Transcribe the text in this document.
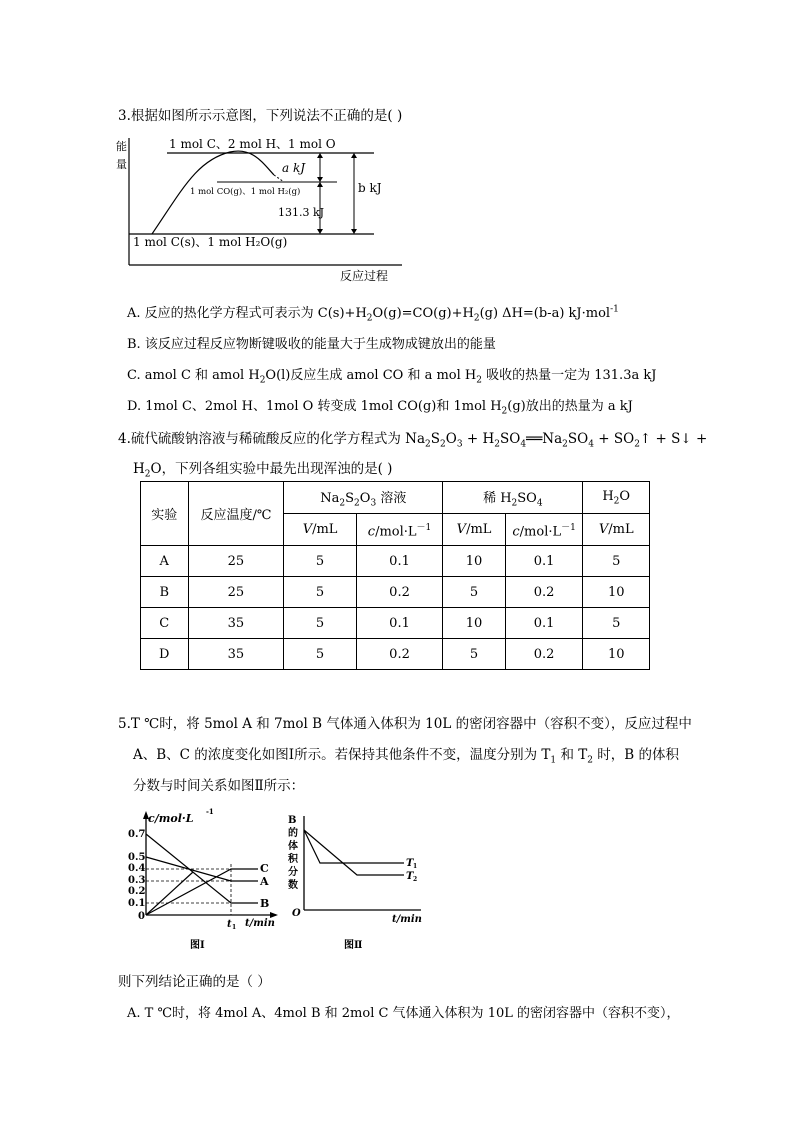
3.根据如图所示示意图，下列说法不正确的是( )
能
量
反应过程
1 mol C、2 mol H、1 mol O
1 mol CO(g)、1 mol H₂(g)
1 mol C(s)、1 mol H₂O(g)
a kJ
b kJ
131.3 kJ
A. 反应的热化学方程式可表示为 $C(s)+H_2O(g)=CO(g)+H_2(g)$ ΔH=(b-a) kJ·mol$^{-1}$
B. 该反应过程反应物断键吸收的能量大于生成物成键放出的能量
C. amol C 和 amol $H_2O(l)$反应生成 amol CO 和 a mol $H_2$ 吸收的热量一定为 131.3a kJ
D. 1mol C、2mol H、1mol O 转变成 1mol CO(g)和 1mol $H_2(g)$放出的热量为 a kJ
4.硫代硫酸钠溶液与稀硫酸反应的化学方程式为 $Na_2S_2O_3$ + $H_2SO_4══Na_2SO_4$ + $SO_2↑$ + S↓ +
$H_2O$，下列各组实验中最先出现浑浊的是( )
实验	反应温度/℃	$Na_2S_2O_3$ 溶液		稀 $H_2SO_4$		$H_2O$
		V/mL	$c/mol\cdot L^{-1}$	V/mL	$c/mol\cdot L^{-1}$	V/mL
A	25	5	0.1	10	0.1	5
B	25	5	0.2	5	0.2	10
C	35	5	0.1	10	0.1	5
D	35	5	0.2	5	0.2	10
5.T ℃时，将 5mol A 和 7mol B 气体通入体积为 10L 的密闭容器中（容积不变），反应过程中
A、B、C 的浓度变化如图Ⅰ所示。若保持其他条件不变，温度分别为 $T_1$ 和 $T_2$ 时，B 的体积
分数与时间关系如图Ⅱ所示：
c/mol·L
-1
0.7
0.5
0.4
0.3
0.2
0.1
0
C
A
B
t 1 t/min
图Ⅰ
B
的
体
积
分
数
O
T 1
T 2
t/min
图Ⅱ
则下列结论正确的是（ ）
A. T ℃时，将 4mol A、4mol B 和 2mol C 气体通入体积为 10L 的密闭容器中（容积不变），
